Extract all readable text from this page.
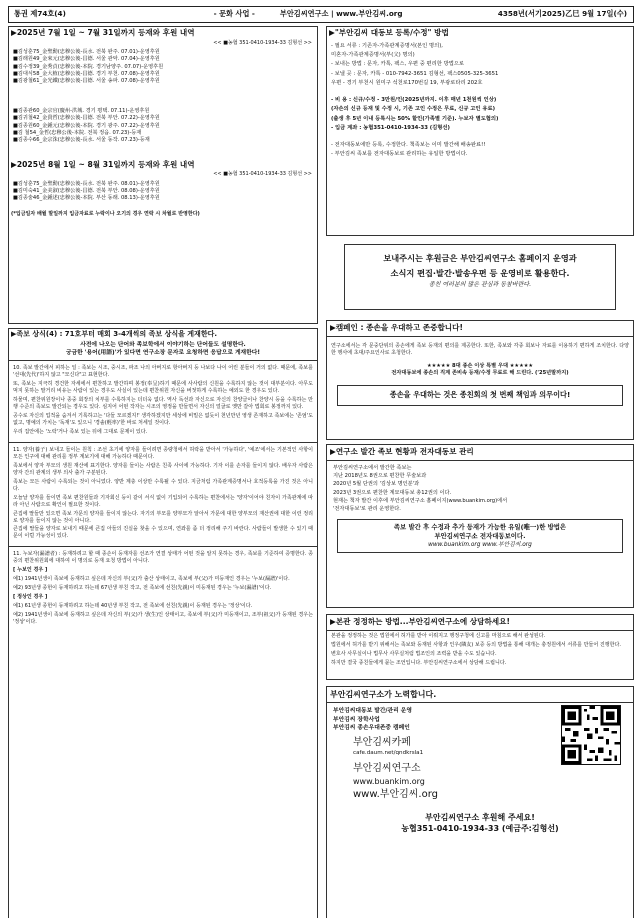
통권 제74호(4)	- 문화 사업 -	부안김씨연구소 | www.부안김씨.org	4358년(서기2025)乙巳 9월 17일(수)
▶2025년 7월 1일 ~ 7월 31일까지 등재와 후원 내역
<< ■농협 351-0410-1934-33 김형선 >>
■김성훈75_金聖勳(忠穆公後-長水. 전북 완주. 07.01)-운영후원
■김래원49_金來元(忠穆公後-昌德. 서울 관악. 07.04)-운영후원
■김수정39_金秀貞(忠穆公後-本院. 경기남양주. 07.07)-운영후원
■김대식58_金大植(忠穆公後-昌德. 경기 부천. 07.08)-운영후원
■김광철61_金光鐵(忠穆公後-昌德. 서울 송파. 07.08)-운영후원
■김종관60_金宗官(慶州-洪城. 경기 평택. 07.11)-운영후원
■김귀철42_金貴哲(忠穆公後-昌德. 전북 부안. 07.22)-운영후원
■김종원60_金鍾元(忠穆公後-本院. 경기 광주. 07.22)-운영후원
■김 철54_金哲(忠穆公後-本院. 전북 정읍. 07.23)-등재
■김종수66_金宗洙(忠穆公後-長水. 서울 동작. 07.23)-등재
▶2025년 8월 1일 ~ 8월 31일까지 등재와 후원 내역
<< ■농협 351-0410-1934-33 김형선 >>
■김성훈75_金聖勳(忠穆公後-長水. 전북 완주. 08.01)-운영후원
■김미숙41_金美淑(忠穆公後-昌德. 전북 부안. 08.08)-운영후원
■김종술46_金鍾述(忠穆公後-本院. 부산 동래. 08.13)-운영후원
(*입금일자 배월 말일까지 입금자료로 누락이나 오기의 경우 연락 시 차월로 반영한다)
▶족보 상식(4) : 71호부터 매회 3-4개씩의 족보 상식을 게재한다.
사전에 나오는 단어와 족보학에서 이야기하는 단어들도 설명한다.
궁금한 '용어(用語)'가 있다면 연구소장 문자로 요청하면 응답으로 게재한다!

10. 족보 발간에서 피하는 일 : 족보는 시조, 중시조, 파조 나의 아버지로 항아버지 등 나보다 나이 어린 분들이 거의 없다. 때문에, 족보를 '선대(先代)'하지 않고 "모신다"고 표현한다.

또, 족보는 지극히 경건한 자세에서 편찬하고 발간하며 봉정(奉呈)하기 때문에 사사람의 신원을 수록하지 않는 것이 대부분이다. 아무도 먹지 못하는 말거리 비유는 사람이 있는 경우도 사실이 있는데 편찬위원 자신을 버젓하게 수록하는 예외도 한 경우도 있다.

하물며, 편찬위원장이나 종중 회장의 치부를 수록하지는 더더욱 없다. 역사 독선과 자신으로 자신의 찬양글이나 찬양시 등을 수록하는 만행 수준의 족보도 발간되는 경우도 있다. 심지어 어떤 작자는 시조의 영정을 만들면서 자신의 얼굴로 옛만 갈아 법회로 봉정까지 있다.

공수로 자신의 업적을 숨겨서 기록하고는 '다들 모르겠지!' 생각하겠지만 세상에 비밀은 없듯이 천년만년 영생 존재하고 족보에는 '존엄'도 없고, 명예의 가치는 '독재'도 있으니 '경솔(輕率)'한 바로 처세일 것이다.

우리 집안에는 '노락'거나 족보 있는 뒤에 그대로 문제이 있다.

11. 양자(養子) 보내고 들이는 원칙 : 조선 초기에 양자를 들이려면 종량청에서 허락을 받아서 '가능하다', '예조'에서는 기본적인 사항이 모든 인구에 대해 관리를 정부 계보기에 대해 가능하다 때문이다.

족보에서 양자 부모의 생원 재산에 표기한다. 양자를 들이는 사람은 친족 사이에 가능하다. 기자 이를 손자를 들이지 않다. 배우자 사람은 양자 간의 관계의 생부 의사 출가 구분된다.

족보는 모든 사람이 수록되는 것이 아니었다. 양반 계층 이상만 수록될 수 있다. 지금처럼 가족관계증명서나 호적등록을 가진 것은 아니다.

오늘날 양자를 들이면 족보 편찬원들과 기자회신 등이 같이 서식 없이 기입되어 수록하는 편찬에서는 '양자'이어야 친자이 가족관계에 따라 아닌 사람으로 확인이 필요한 것이다.

큰집에 딸들만 있으면 족보 가문의 양자를 들이지 않는다. 자기의 부모를 양부모가 알아서 가문에 대한 양부모의 재산권에 대한 이런 정리로 양자를 들이지 않는 것이 아니다.

큰집에 딸들을 양자로 보내기 때문에 큰집 아들의 진실을 찾을 수 있으며, 연좌를 좀 더 정리해 주기 바란다. 사람들이 발생한 수 있기 때문이 이럴 가능성이 있다.

11. 누보자(漏譜者) : 등재하려고 할 때 종손이 등재자를 선조가 연결 상태가 어떤 것을 알지 못하는 경우, 족보를 기준하여 증명한다. 종중의 편찬위원회에 대하여 이 명의로 등재 요청 방법이 아니다.

[ 누보인 경우 ]

예1) 1941년생이 족보에 등재하고 싶은데 자신의 부(父)가 출산 상태이고, 족보에 부(父)가 미등재인 경우는 '누보(漏譜)'이다.

예2) 93년생 종헌이 등재하려고 하는데 67년생 부친 작고, 전 족보에 선친(先親)이 미등재된 경우는 '누보(漏譜)'이다.

[ 정상인 경우 ]

예1) 61년생 종헌이 등재하려고 하는데 40년생 부친 작고, 전 족보에 선친(先親)이 등재된 경우는 '정상'이다.

예2) 1941년생이 족보에 등재하고 싶은데 자신의 부(父)가 생(生)인 상태이고, 족보에 부(父)가 미등재이고, 조부(祖父)가 등재된 경우는 '정상'이다.

▶"부안김씨 대동보 등록/수정" 방법
- 필요 서류 : 기존자-가족관계증명서(본인 명의),
미혼자-가족관계증명서(부(父) 명의)
- 보내는 방법 : 문자, 카톡, 팩스, 우편 중 편리한 방법으로
- 보낼 곳 : 문자, 카톡 - 010-7942-3651 김형선, 팩스0505-325-3651
우편 - 경기 부천시 원미구 석천로170번길 19, 부광로타리 202호
- 비 용 : 신규/수정 - 3만원/인(2025년까지. 이후 매년 1천원씩 인상)
(자손의 신규 등재 및 수정 시, 기존 고인 수정은 무료, 신규 고인 유료)
(출생 후 5년 이내 등록시는 50% 할인(가족별 기준). 누보자 별도협의)
- 입금 계좌 : 농협351-0410-1934-33 (김형선)
- 전자대동보에만 등록, 수정한다. 책족보는 이미 발간해 배송완료!!
- 부안김씨 족보를 전자대동보로 관리하는 유일한 방법이다.
보내주시는 후원금은 부안김씨연구소 홈페이지 운영과
소식지 편집·발간·발송우편 등 운영비로 활용한다.
종친 여러분의 많은 관심과 동참바란다.
▶캠페인 : 종손을 우대하고 존중합니다!
연구소에서는 각 문중단위의 종손에게 족보 등재의 편의를 제공한다. 또한, 족보와 각종 회보나 자료를 이용하기 편하게 조치한다. 다양한 행사에 초대/주요인사로 초청한다.
★★★★★ 8대 종손 이상 특별 우대 ★★★★★
전자대동보에 종손의 직계 존비속 등재/수정 무료로 해 드린다. ('25년말까지)
종손을 우대하는 것은 종친회의 첫 번째 책임과 의무이다!
▶연구소 발간 족보 현황과 전자대동보 관리
부안김씨연구소에서 발간한 족보는
지난 2018년도 8권으로 편찬한 무술보과
2020년 5월 단권의 '김상보 명인분'과
2023년 3권으로 편찬한 계묘대동보 총12권의 이다.
현재는 책자 발간 이후에 부안김씨연구소 홈페이지(www.buankim.org)에서
'전자대동보'로 관리 운영한다.
족보 발간 후 수정과 추가 등재가 가능한 유일(唯一)한 방법은
부안김씨연구소 전자대동보이다.
www.buankim.org www.부안김씨.org
▶본관 정정하는 방법...부안김씨연구소에 상담하세요!

본관을 정정하는 것은 법원에서 허가를 받아 이뤄지고 행정구청에 신고를 마침으로 해서 완성된다.

법원에서 허가를 받기 위해서는 족보와 등재된 사항과 인우(隣友) 보증 등의 방법을 통해 대개는 충정원에서 서류를 만들어 진행한다.

변호사 사무실이나 법무사 사무실처럼 법조인의 조력을 받을 수도 있습니다.

하지만 결국 종친들에게 묻는 조언입니다. 부안김씨연구소에서 상담해 드립니다.

부안김씨연구소가 노력합니다.
부안김씨대동보 발간/관리 운영
부안김씨 장학사업
부안김씨 종손우대존중 캠페인
부안김씨카페
cafe.daum.net/qndkrsla1
부안김씨연구소
www.buankim.org
www.부안김씨.org
부안김씨연구소 후원해 주세요!
농협351-0410-1934-33 (예금주:김형선)
